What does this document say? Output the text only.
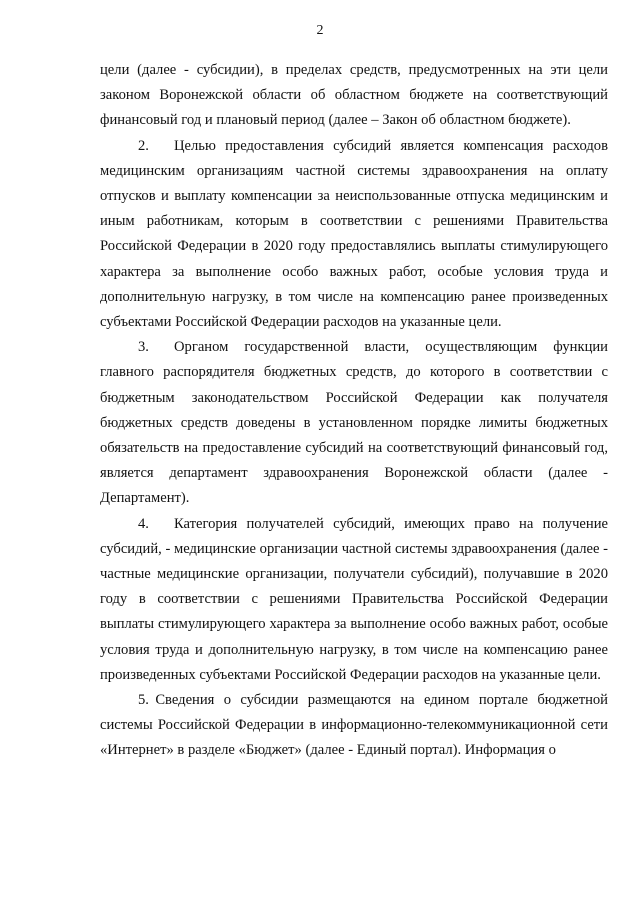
2

цели (далее - субсидии), в пределах средств, предусмотренных на эти цели законом Воронежской области об областном бюджете на соответствующий финансовый год и плановый период (далее – Закон об областном бюджете).

2. Целью предоставления субсидий является компенсация расходов медицинским организациям частной системы здравоохранения на оплату отпусков и выплату компенсации за неиспользованные отпуска медицинским и иным работникам, которым в соответствии с решениями Правительства Российской Федерации в 2020 году предоставлялись выплаты стимулирующего характера за выполнение особо важных работ, особые условия труда и дополнительную нагрузку, в том числе на компенсацию ранее произведенных субъектами Российской Федерации расходов на указанные цели.

3. Органом государственной власти, осуществляющим функции главного распорядителя бюджетных средств, до которого в соответствии с бюджетным законодательством Российской Федерации как получателя бюджетных средств доведены в установленном порядке лимиты бюджетных обязательств на предоставление субсидий на соответствующий финансовый год, является департамент здравоохранения Воронежской области (далее - Департамент).

4. Категория получателей субсидий, имеющих право на получение субсидий, - медицинские организации частной системы здравоохранения (далее - частные медицинские организации, получатели субсидий), получавшие в 2020 году в соответствии с решениями Правительства Российской Федерации выплаты стимулирующего характера за выполнение особо важных работ, особые условия труда и дополнительную нагрузку, в том числе на компенсацию ранее произведенных субъектами Российской Федерации расходов на указанные цели.

5. Сведения о субсидии размещаются на едином портале бюджетной системы Российской Федерации в информационно-телекоммуникационной сети «Интернет» в разделе «Бюджет» (далее - Единый портал). Информация о
